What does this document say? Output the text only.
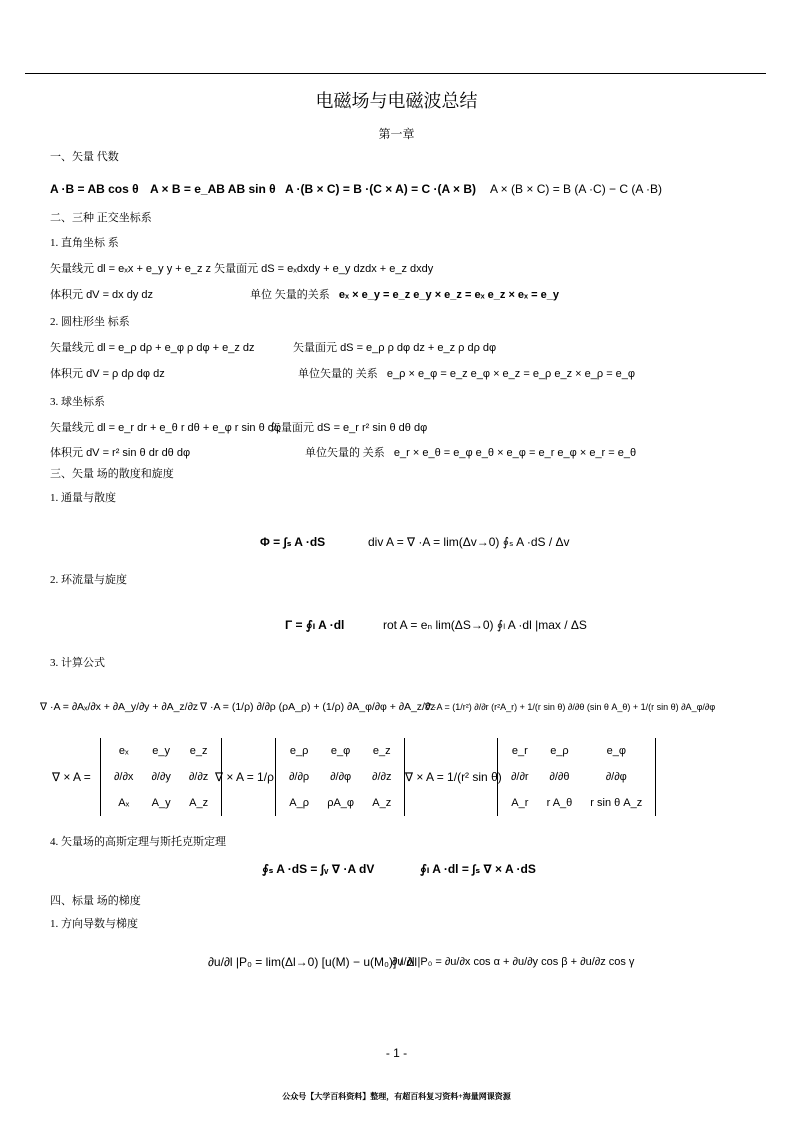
电磁场与电磁波总结
第一章
一、矢量 代数
A ·B = AB cos θ A × B = e_AB AB sin θ A ·(B × C) = B ·(C × A) = C ·(A × B) A × (B × C) = B (A ·C) − C (A ·B)
二、三种 正交坐标系
1. 直角坐标 系
矢量线元 dl = eₓx + e_y y + e_z z 矢量面元 dS = eₓdxdy + e_y dzdx + e_z dxdy
体积元 dV = dx dy dz	单位 矢量的关系 eₓ × e_y = e_z e_y × e_z = eₓ e_z × eₓ = e_y
2. 圆柱形坐 标系
矢量线元 dl = e_ρ dρ + e_φ ρ dφ + e_z dz	矢量面元 dS = e_ρ ρ dφ dz + e_z ρ dρ dφ
体积元 dV = ρ dρ dφ dz	单位矢量的 关系 e_ρ × e_φ = e_z e_φ × e_z = e_ρ e_z × e_ρ = e_φ
3. 球坐标系
矢量线元 dl = e_r dr + e_θ r dθ + e_φ r sin θ dφ
矢量面元 dS = e_r r² sin θ dθ dφ
体积元 dV = r² sin θ dr dθ dφ	单位矢量的 关系 e_r × e_θ = e_φ e_θ × e_φ = e_r e_φ × e_r = e_θ
三、矢量 场的散度和旋度
1. 通量与散度
Φ = ∫ₛ A ·dS	div A = ∇ ·A = lim(Δv→0) ∮ₛ A ·dS / Δv
2. 环流量与旋度
Γ = ∮ₗ A ·dl	rot A = eₙ lim(ΔS→0) ∮ₗ A ·dl |max / ΔS
3. 计算公式
∇ ·A = ∂Aₓ/∂x + ∂A_y/∂y + ∂A_z/∂z ∇ ·A = (1/ρ) ∂/∂ρ (ρA_ρ) + (1/ρ) ∂A_φ/∂φ + ∂A_z/∂z
∇ ·A = (1/r²) ∂/∂r (r²A_r) + 1/(r sin θ) ∂/∂θ (sin θ A_θ) + 1/(r sin θ) ∂A_φ/∂φ
∇ × A =
eₓ	e_y	e_z
∂/∂x	∂/∂y	∂/∂z
Aₓ	A_y	A_z
∇ × A = 1/ρ
e_ρ	e_φ	e_z
∂/∂ρ	∂/∂φ	∂/∂z
A_ρ	ρA_φ	A_z
∇ × A = 1/(r² sin θ)
e_r	e_ρ	e_φ
∂/∂r	∂/∂θ	∂/∂φ
A_r	r A_θ	r sin θ A_z
4. 矢量场的高斯定理与斯托克斯定理
∮ₛ A ·dS = ∫ᵥ ∇ ·A dV	∮ₗ A ·dl = ∫ₛ ∇ × A ·dS
四、标量 场的梯度
1. 方向导数与梯度
∂u/∂l |P₀ = lim(Δl→0) [u(M) − u(M₀)] / Δl
∂u/∂l |P₀ = ∂u/∂x cos α + ∂u/∂y cos β + ∂u/∂z cos γ
- 1 -
公众号【大学百科资料】整理，有超百科复习资料+海量网课资源
